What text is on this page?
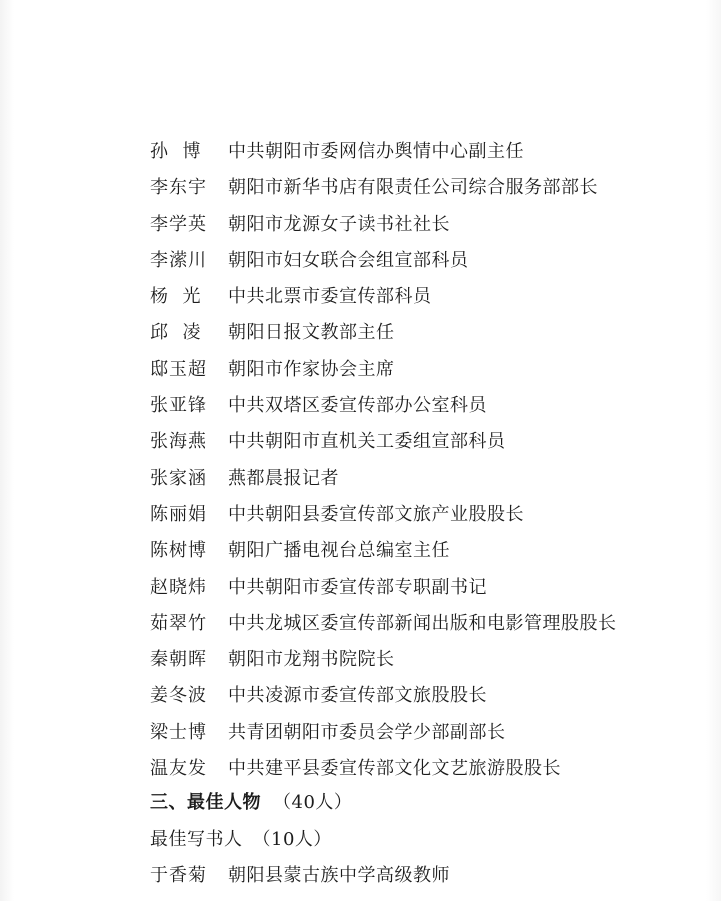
孙  博 中共朝阳市委网信办舆情中心副主任
李东宇 朝阳市新华书店有限责任公司综合服务部部长
李学英 朝阳市龙源女子读书社社长
李潆川 朝阳市妇女联合会组宣部科员
杨  光 中共北票市委宣传部科员
邱  凌 朝阳日报文教部主任
邸玉超 朝阳市作家协会主席
张亚锋 中共双塔区委宣传部办公室科员
张海燕 中共朝阳市直机关工委组宣部科员
张家涵 燕都晨报记者
陈丽娟 中共朝阳县委宣传部文旅产业股股长
陈树博 朝阳广播电视台总编室主任
赵晓炜 中共朝阳市委宣传部专职副书记
茹翠竹 中共龙城区委宣传部新闻出版和电影管理股股长
秦朝晖 朝阳市龙翔书院院长
姜冬波 中共凌源市委宣传部文旅股股长
梁士博 共青团朝阳市委员会学少部副部长
温友发 中共建平县委宣传部文化文艺旅游股股长
三、最佳人物 （40人）
最佳写书人 （10人）
于香菊 朝阳县蒙古族中学高级教师
